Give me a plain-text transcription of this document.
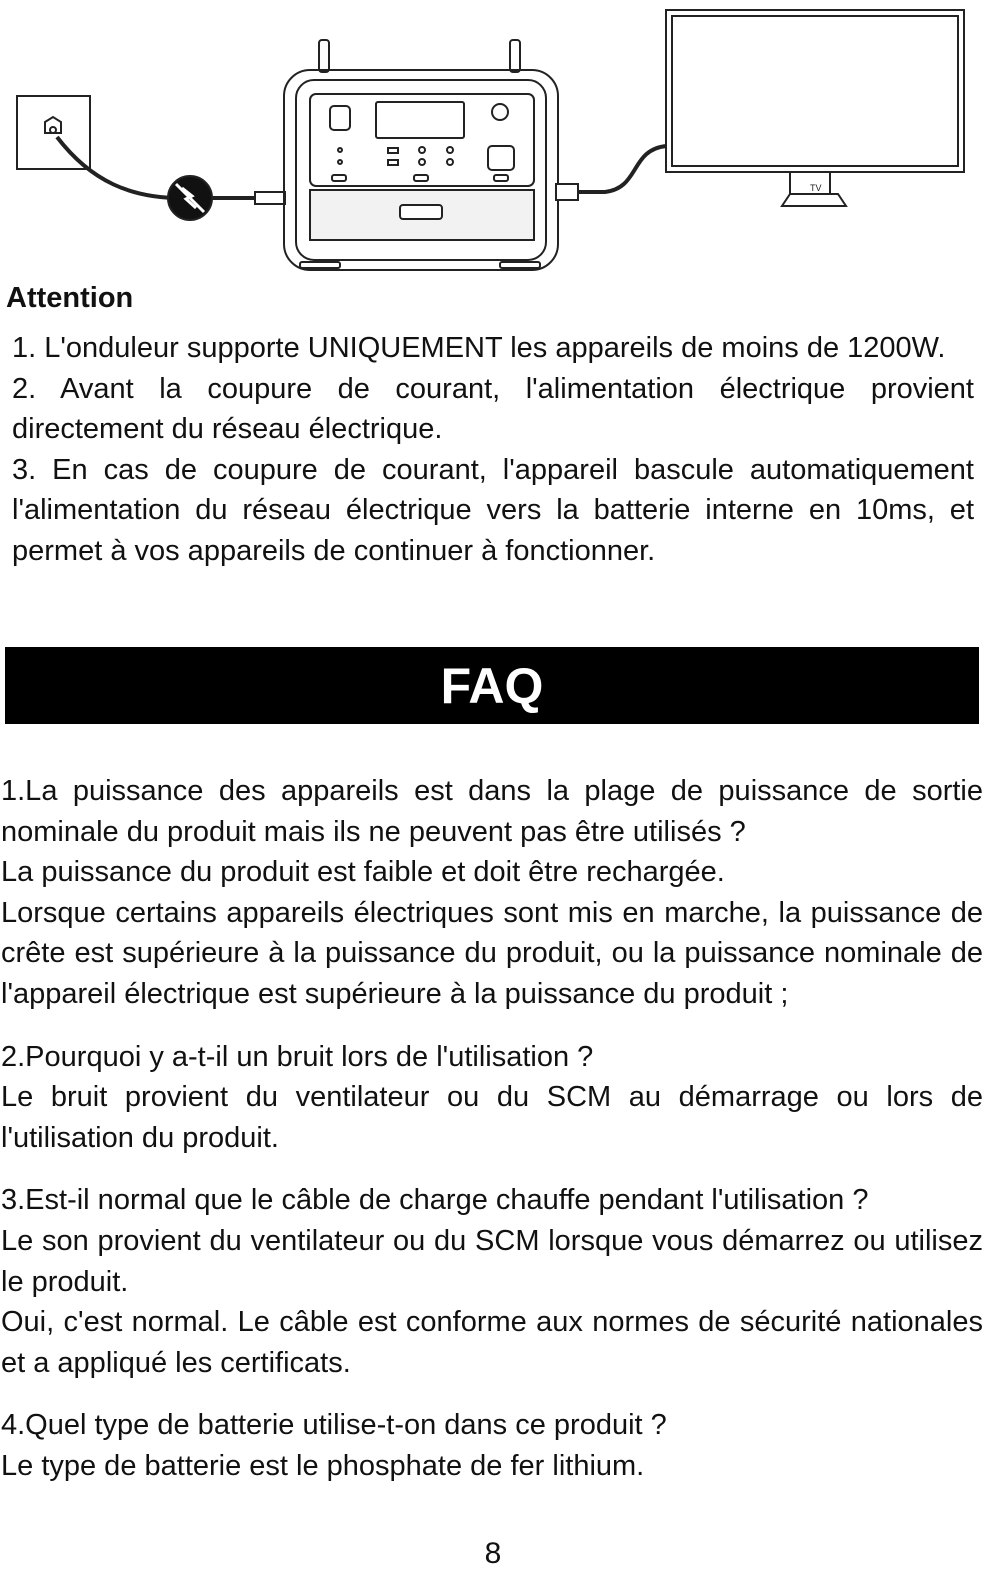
TV
Attention

1. L'onduleur supporte UNIQUEMENT les appareils de moins de 1200W.

2. Avant la coupure de courant, l'alimentation électrique provient directement du réseau électrique.

3. En cas de coupure de courant, l'appareil bascule automatiquement l'alimentation du réseau électrique vers la batterie interne en 10ms, et permet à vos appareils de continuer à fonctionner.

FAQ

1.La puissance des appareils est dans la plage de puissance de sortie nominale du produit mais ils ne peuvent pas être utilisés ?

La puissance du produit est faible et doit être rechargée.

Lorsque certains appareils électriques sont mis en marche, la puissance de crête est supérieure à la puissance du produit, ou la puissance nominale de l'appareil électrique est supérieure à la puissance du produit ;

2.Pourquoi y a-t-il un bruit lors de l'utilisation ?

Le bruit provient du ventilateur ou du SCM au démarrage ou lors de l'utilisation du produit.

3.Est-il normal que le câble de charge chauffe pendant l'utilisation ?

Le son provient du ventilateur ou du SCM lorsque vous démarrez ou utilisez le produit.

Oui, c'est normal. Le câble est conforme aux normes de sécurité nationales et a appliqué les certificats.

4.Quel type de batterie utilise-t-on dans ce produit ?

Le type de batterie est le phosphate de fer lithium.

8
